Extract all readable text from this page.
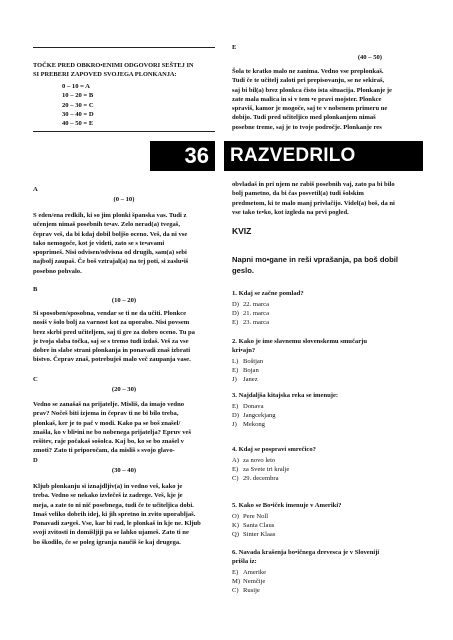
TOČKE PRED OBKRO•ENIMI ODGOVORI SEŠTEJ IN
SI PREBERI ZAPOVED SVOJEGA PLONKANJA:
0 – 10 = A
10 – 20 = B
20 – 30 = C
30 – 40 = D
40 – 50 = E
E
(40 – 50)
Šola te kratko malo ne zanima. Vedno vse preplonkaš.
Tudi če te učitelj zaloti pri prepisovanju, se ne sekiraš,
saj bi bil(a) brez plonkca čisto ista situacija. Plonkanje je
zate mala malica in si v tem •e pravi mojster. Plonkce
spraviš, kamor je mogoče, saj te v nobenem primeru ne
dobijo. Tudi pred učiteljico med plonkanjem nimaš
posebne treme, saj je to tvoje področje. Plonkanje res
36	RAZVEDRILO
A
(0 – 10)
S eden/ena redkih, ki so jim plonki španska vas. Tudi z
učenjem nimaš posebnih te•av. Zelo nerad(a) tvegaš,
čeprav veš, da bi kdaj dobil boljšo oceno. Veš, da ni vse
tako nemogoče, kot je videti, zato se s te•avami
spoprimeš. Nisi odvisen/odvisna od drugih, sam(a) sebi
najbolj zaupaš. Če boš vztrajal(a) na tej poti, si zaslu•iš
posebno pohvalo.
B
(10 – 20)
Si sposoben/sposobna, vendar se ti ne da učiti. Plonkce
nosiš v šolo bolj za varnost kot za uporabo. Nisi povsem
brez skrbi pred učiteljem, saj ti gre za dobro oceno. Tu pa
je tvoja slaba točka, saj se s tremo tudi izdaš. Veš za vse
dobre in slabe strani plonkanja in ponavadi znaš izbrati
bistvo. Čeprav znaš, potrebuješ malo več zaupanja vase.
C
(20 – 30)
Vedno se zanašaš na prijatelje. Misliš, da imajo vedno
prav? Nočeš biti izjema in čeprav ti ne bi bilo treba,
plonkaš, ker je to pač v modi. Kako pa se boš znašel/
znašla, ko v bli•ini ne bo nobenega prijatelja? Epruv veš
rešitev, raje počakaš sošolca. Kaj bo, ko se bo znašel v
zmoti? Zato ti priporočam, da misliš s svojo glavo-
D
(30 – 40)
Kljub plonkanju si iznajdljiv(a) in vedno veš, kako je
treba. Vedno se nekako izvlečeš iz zadrege. Veš, kje je
meja, a zate to ni nič posebnega, tudi če te učiteljica dobi.
Imaš veliko dobrih idej, ki jih spretno in zvito uporabljaš.
Ponavadi za•geš. Vse, kar bi rad, le plonkaš in kje ne. Kljub
svoji zvitosti in domišljiji pa se lahko ujameš. Zato ti ne
bo škodilo, če se poleg igranja naučiš še kaj drugega.
obvladaš in pri njem ne rabiš posebnih vaj, zato pa bi bilo
bolj pametno, da bi čas posvetil(a) tudi šolskim
predmetom, ki te malo manj privlačijo. Videl(a) boš, da ni
vse tako te•ko, kot izgleda na prvi pogled.
KVIZ
Napni mo•gane in reši vprašanja, pa boš dobil
geslo.
1. Kdaj se začne pomlad?
D) 22. marca
D) 21. marca
E) 23. marca
2. Kako je ime slavnemu slovenskemu smučarju
kri•ajn?
L) Boštjan
E) Bojan
J) Janez
3. Najdaljša kitajska reka se imenuje:
E) Donava
D) Jangcekjang
J) Mekong
4. Kdaj se pospravi smrečico?
A) za novo leto
E) za Svete tri kralje
C) 29. decembra
5. Kako se Bo•iček imenuje v Ameriki?
O) Pere Noll
K) Santa Claus
Q) Sinter Klaas
6. Navada krašenja bo•ičnega drevesca je v Sloveniji
prišla iz:
E) Amerike
M) Nemčije
C) Rusije
